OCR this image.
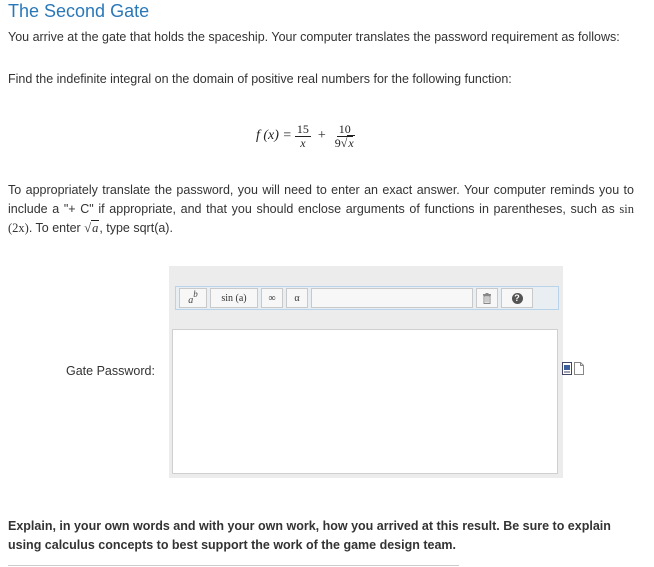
The Second Gate
You arrive at the gate that holds the spaceship. Your computer translates the password requirement as follows:
Find the indefinite integral on the domain of positive real numbers for the following function:
f $(x) = \frac{15}{x} + \frac{10}{9√x}$
To appropriately translate the password, you will need to enter an exact answer. Your computer reminds you to include a "+ C" if appropriate, and that you should enclose arguments of functions in parentheses, such as sin (2x). To enter √a, type sqrt(a).
a
b	sin (a)	∞	α	?
Gate Password:
Explain, in your own words and with your own work, how you arrived at this result. Be sure to explain using calculus concepts to best support the work of the game design team.
